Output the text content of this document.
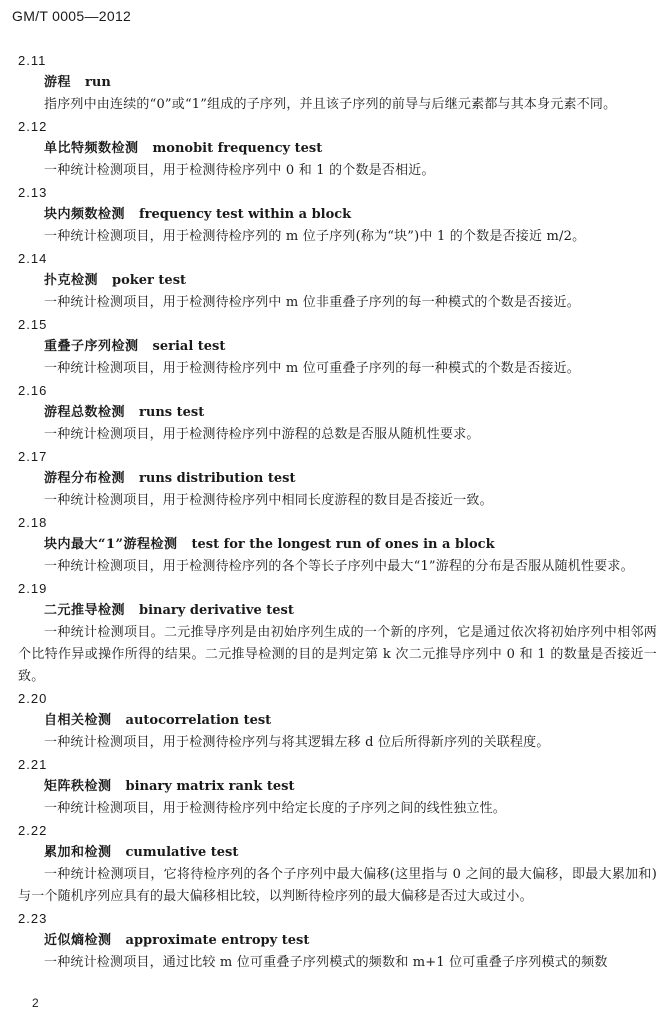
GM/T 0005—2012
2.11
游程 run
指序列中由连续的“0”或“1”组成的子序列，并且该子序列的前导与后继元素都与其本身元素不同。
2.12
单比特频数检测 monobit frequency test
一种统计检测项目，用于检测待检序列中 0 和 1 的个数是否相近。
2.13
块内频数检测 frequency test within a block
一种统计检测项目，用于检测待检序列的 m 位子序列(称为“块”)中 1 的个数是否接近 m/2。
2.14
扑克检测 poker test
一种统计检测项目，用于检测待检序列中 m 位非重叠子序列的每一种模式的个数是否接近。
2.15
重叠子序列检测 serial test
一种统计检测项目，用于检测待检序列中 m 位可重叠子序列的每一种模式的个数是否接近。
2.16
游程总数检测 runs test
一种统计检测项目，用于检测待检序列中游程的总数是否服从随机性要求。
2.17
游程分布检测 runs distribution test
一种统计检测项目，用于检测待检序列中相同长度游程的数目是否接近一致。
2.18
块内最大“1”游程检测 test for the longest run of ones in a block
一种统计检测项目，用于检测待检序列的各个等长子序列中最大“1”游程的分布是否服从随机性要求。
2.19
二元推导检测 binary derivative test
一种统计检测项目。二元推导序列是由初始序列生成的一个新的序列，它是通过依次将初始序列中相邻两个比特作异或操作所得的结果。二元推导检测的目的是判定第 k 次二元推导序列中 0 和 1 的数量是否接近一致。
2.20
自相关检测 autocorrelation test
一种统计检测项目，用于检测待检序列与将其逻辑左移 d 位后所得新序列的关联程度。
2.21
矩阵秩检测 binary matrix rank test
一种统计检测项目，用于检测待检序列中给定长度的子序列之间的线性独立性。
2.22
累加和检测 cumulative test
一种统计检测项目，它将待检序列的各个子序列中最大偏移(这里指与 0 之间的最大偏移，即最大累加和)与一个随机序列应具有的最大偏移相比较，以判断待检序列的最大偏移是否过大或过小。
2.23
近似熵检测 approximate entropy test
一种统计检测项目，通过比较 m 位可重叠子序列模式的频数和 m+1 位可重叠子序列模式的频数
2
